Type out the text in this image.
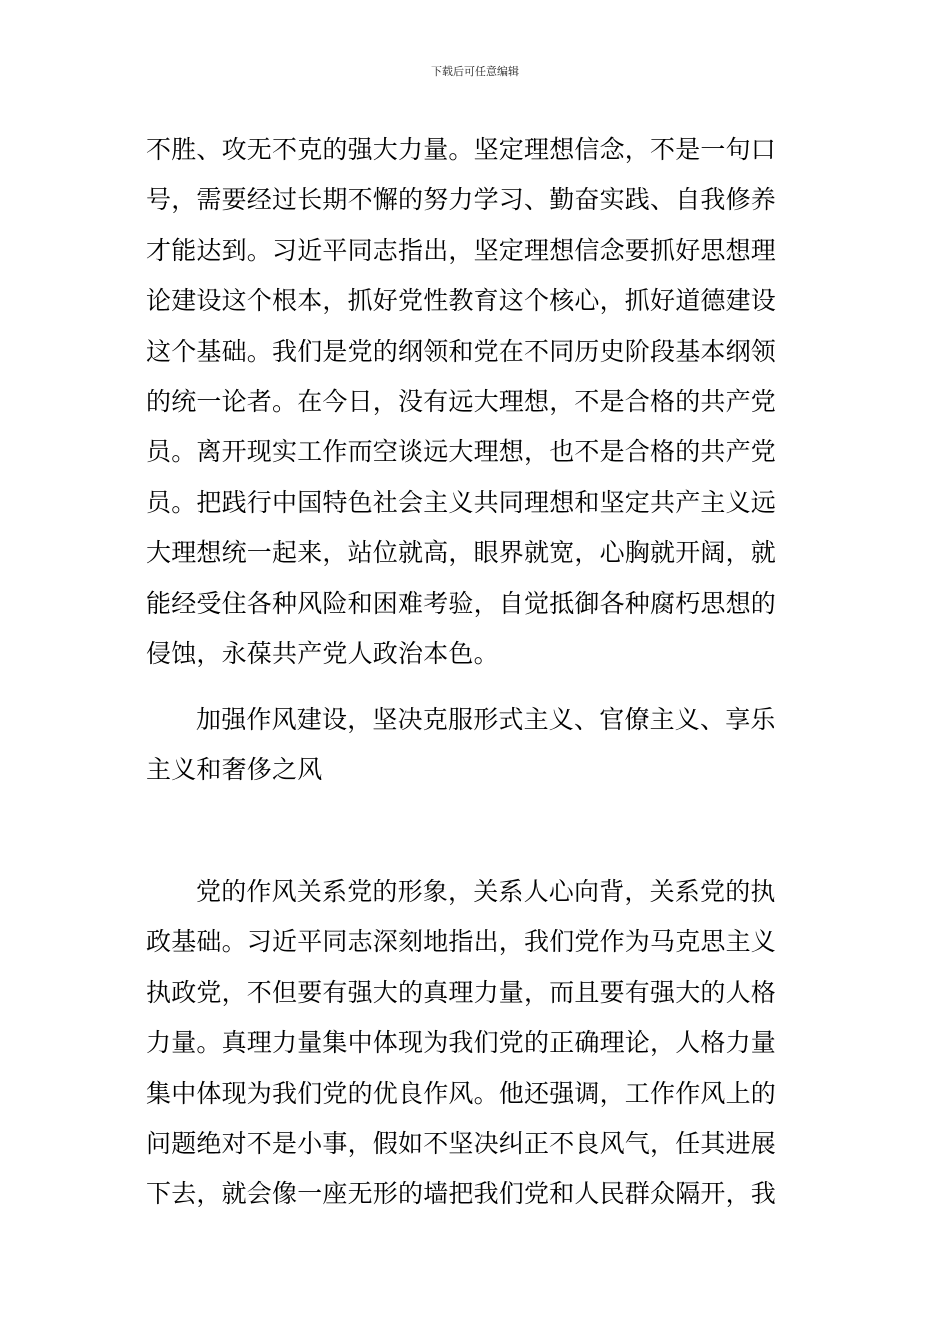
下载后可任意编辑
不胜、攻无不克的强大力量。坚定理想信念，不是一句口
号，需要经过长期不懈的努力学习、勤奋实践、自我修养
才能达到。习近平同志指出，坚定理想信念要抓好思想理
论建设这个根本，抓好党性教育这个核心，抓好道德建设
这个基础。我们是党的纲领和党在不同历史阶段基本纲领
的统一论者。在今日，没有远大理想，不是合格的共产党
员。离开现实工作而空谈远大理想，也不是合格的共产党
员。把践行中国特色社会主义共同理想和坚定共产主义远
大理想统一起来，站位就高，眼界就宽，心胸就开阔，就
能经受住各种风险和困难考验，自觉抵御各种腐朽思想的
侵蚀，永葆共产党人政治本色。
加强作风建设，坚决克服形式主义、官僚主义、享乐
主义和奢侈之风
党的作风关系党的形象，关系人心向背，关系党的执
政基础。习近平同志深刻地指出，我们党作为马克思主义
执政党，不但要有强大的真理力量，而且要有强大的人格
力量。真理力量集中体现为我们党的正确理论，人格力量
集中体现为我们党的优良作风。他还强调，工作作风上的
问题绝对不是小事，假如不坚决纠正不良风气，任其进展
下去，就会像一座无形的墙把我们党和人民群众隔开，我
